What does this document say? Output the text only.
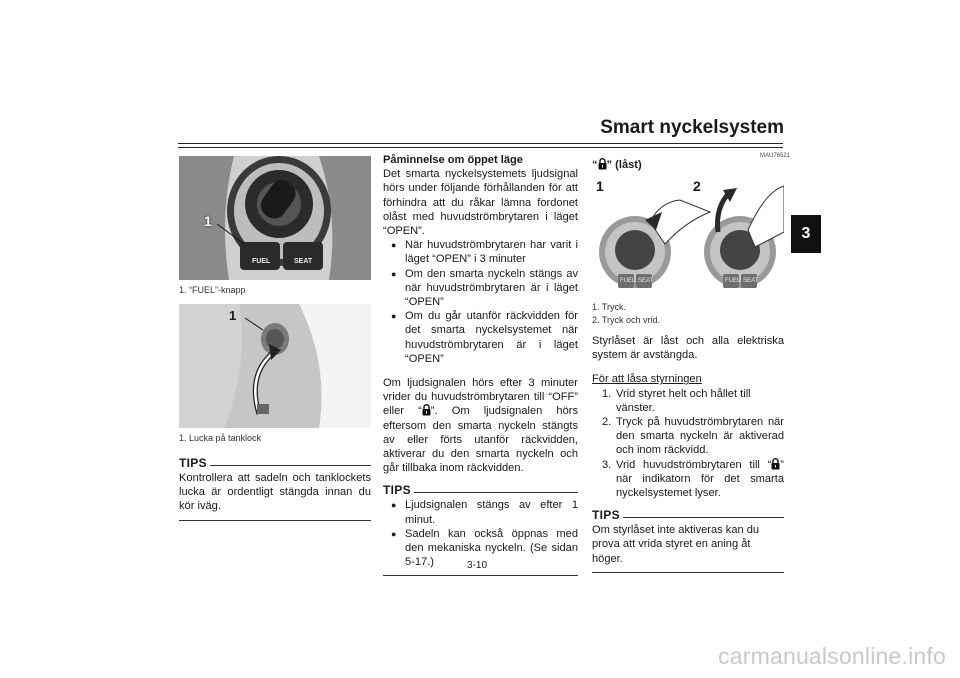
Smart nyckelsystem
3
FUEL	SEAT
1
1. “FUEL”-knapp
1
1. Lucka på tanklock
TIPS
Kontrollera att sadeln och tanklockets lucka är ordentligt stängda innan du kör iväg.
Påminnelse om öppet läge
Det smarta nyckelsystemets ljudsignal hörs under följande förhållanden för att förhindra att du råkar lämna fordonet olåst med huvudströmbrytaren i läget “OPEN”.
● När huvudströmbrytaren har varit i läget “OPEN” i 3 minuter
● Om den smarta nyckeln stängs av när huvudströmbrytaren är i läget “OPEN”
● Om du går utanför räckvidden för det smarta nyckelsystemet när huvudströmbrytaren är i läget “OPEN”
Om ljudsignalen hörs efter 3 minuter vrider du huvudströmbrytaren till “OFF” eller “ ”. Om ljudsignalen hörs eftersom den smarta nyckeln stängts av eller förts utanför räckvidden, aktiverar du den smarta nyckeln och går tillbaka inom räckvidden.
TIPS
● Ljudsignalen stängs av efter 1 minut.
● Sadeln kan också öppnas med den mekaniska nyckeln. (Se sidan 5-17.)
MAU76521
“ ” (låst)
1	2
FUEL SEAT	FUEL SEAT
1. Tryck.
2. Tryck och vrid.
Styrlåset är låst och alla elektriska system är avstängda.
För att låsa styrningen
1. Vrid styret helt och hållet till vänster.
2. Tryck på huvudströmbrytaren när den smarta nyckeln är aktiverad och inom räckvidd.
3. Vrid huvudströmbrytaren till “ ” när indikatorn för det smarta nyckelsystemet lyser.
TIPS
Om styrlåset inte aktiveras kan du prova att vrida styret en aning åt höger.
3-10
carmanualsonline.info
